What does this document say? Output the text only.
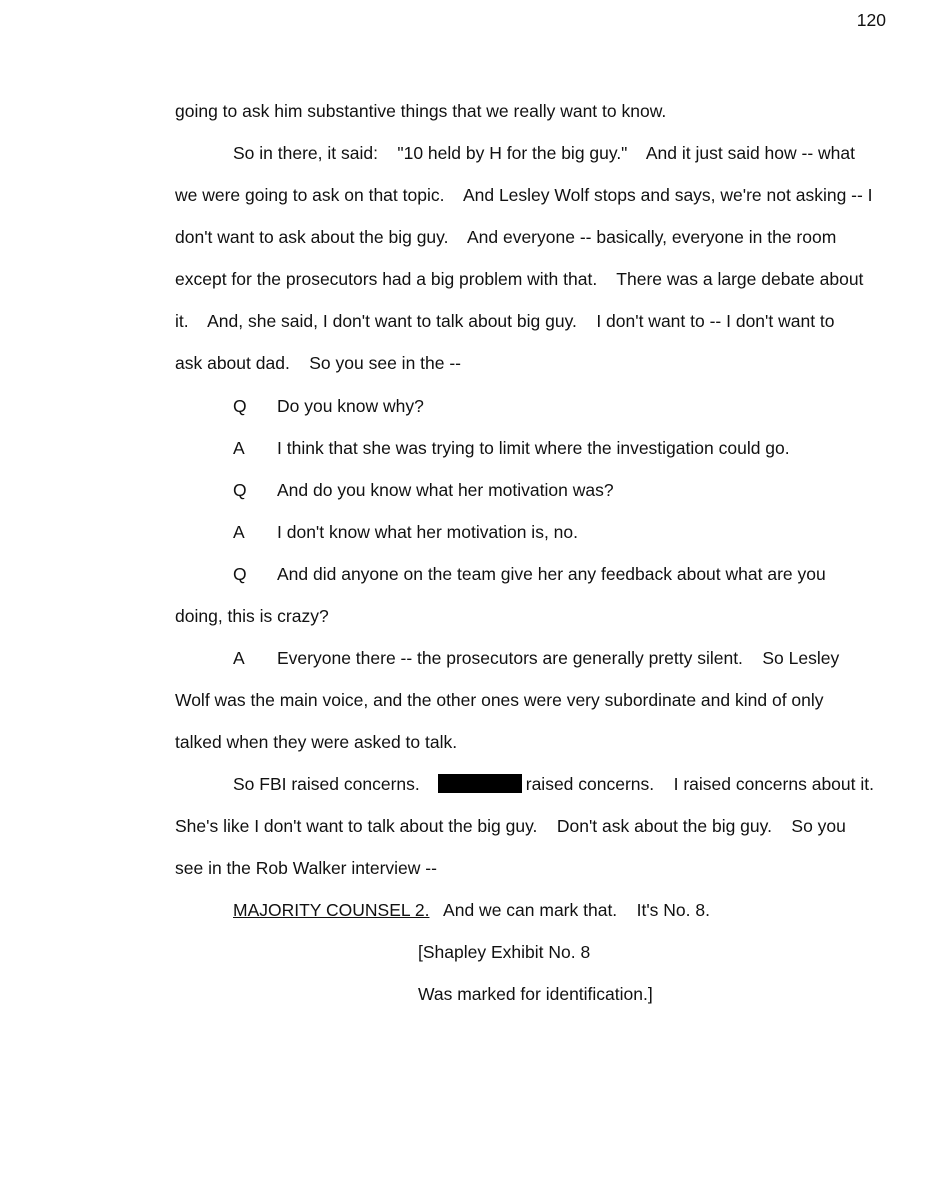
120
going to ask him substantive things that we really want to know.
So in there, it said:    "10 held by H for the big guy."    And it just said how -- what
we were going to ask on that topic.    And Lesley Wolf stops and says, we're not asking -- I
don't want to ask about the big guy.    And everyone -- basically, everyone in the room
except for the prosecutors had a big problem with that.    There was a large debate about
it.    And, she said, I don't want to talk about big guy.    I don't want to -- I don't want to
ask about dad.    So you see in the --
Q Do you know why?
A I think that she was trying to limit where the investigation could go.
Q And do you know what her motivation was?
A I don't know what her motivation is, no.
Q And did anyone on the team give her any feedback about what are you
doing, this is crazy?
A Everyone there -- the prosecutors are generally pretty silent.    So Lesley
Wolf was the main voice, and the other ones were very subordinate and kind of only
talked when they were asked to talk.
So FBI raised concerns.	raised concerns.    I raised concerns about it.
She's like I don't want to talk about the big guy.    Don't ask about the big guy.    So you
see in the Rob Walker interview --
MAJORITY COUNSEL 2.   And we can mark that.    It's No. 8.
[Shapley Exhibit No. 8
Was marked for identification.]
